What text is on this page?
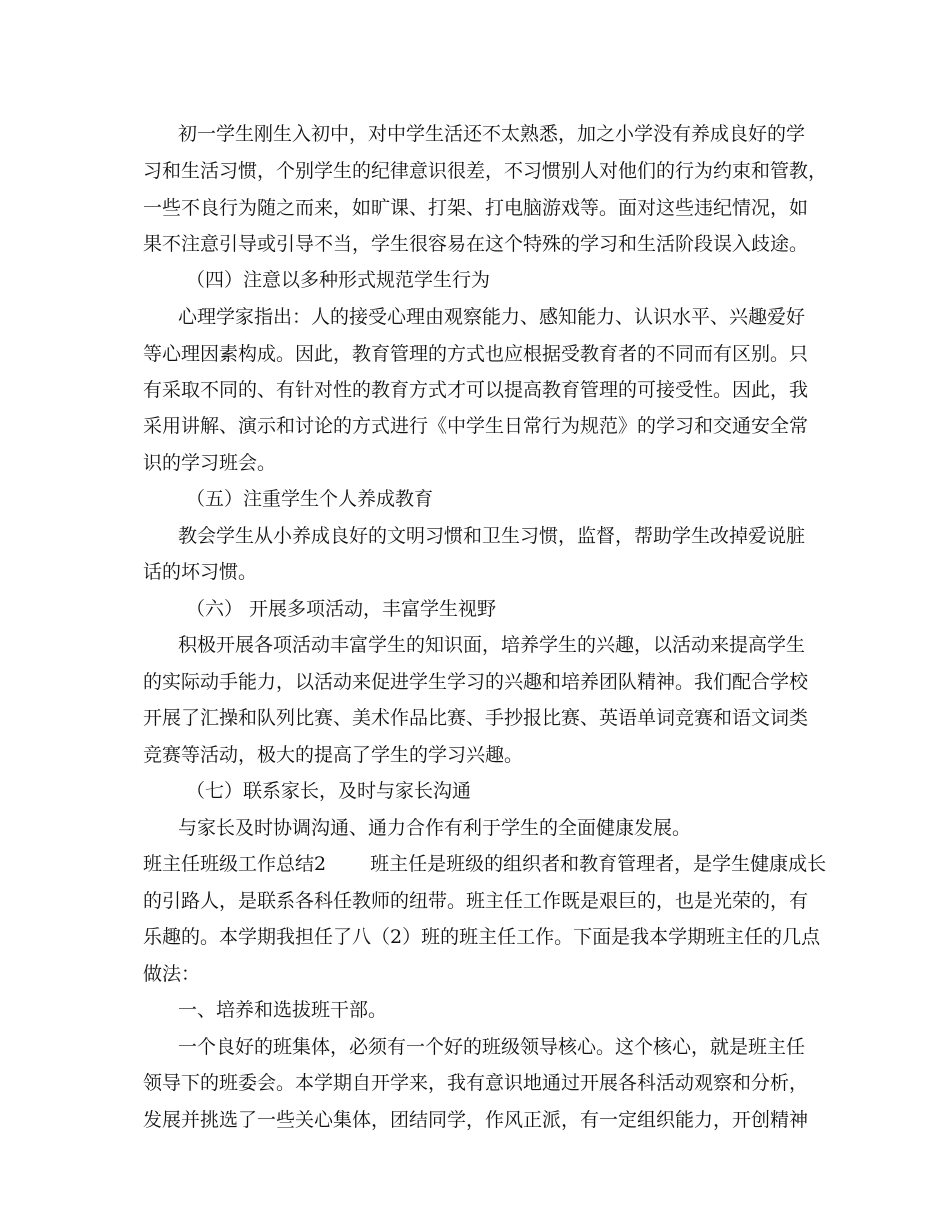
初一学生刚生入初中，对中学生活还不太熟悉，加之小学没有养成良好的学
习和生活习惯，个别学生的纪律意识很差，不习惯别人对他们的行为约束和管教，
一些不良行为随之而来，如旷课、打架、打电脑游戏等。面对这些违纪情况，如
果不注意引导或引导不当，学生很容易在这个特殊的学习和生活阶段误入歧途。
（四）注意以多种形式规范学生行为
心理学家指出：人的接受心理由观察能力、感知能力、认识水平、兴趣爱好
等心理因素构成。因此，教育管理的方式也应根据受教育者的不同而有区别。只
有采取不同的、有针对性的教育方式才可以提高教育管理的可接受性。因此，我
采用讲解、演示和讨论的方式进行《中学生日常行为规范》的学习和交通安全常
识的学习班会。
（五）注重学生个人养成教育
教会学生从小养成良好的文明习惯和卫生习惯，监督，帮助学生改掉爱说脏
话的坏习惯。
（六） 开展多项活动，丰富学生视野
积极开展各项活动丰富学生的知识面，培养学生的兴趣，以活动来提高学生
的实际动手能力，以活动来促进学生学习的兴趣和培养团队精神。我们配合学校
开展了汇操和队列比赛、美术作品比赛、手抄报比赛、英语单词竞赛和语文词类
竞赛等活动，极大的提高了学生的学习兴趣。
（七）联系家长，及时与家长沟通
与家长及时协调沟通、通力合作有利于学生的全面健康发展。
班主任班级工作总结2 班主任是班级的组织者和教育管理者，是学生健康成长
的引路人，是联系各科任教师的纽带。班主任工作既是艰巨的，也是光荣的，有
乐趣的。本学期我担任了八（2）班的班主任工作。下面是我本学期班主任的几点
做法：
一、培养和选拔班干部。
一个良好的班集体，必须有一个好的班级领导核心。这个核心，就是班主任
领导下的班委会。本学期自开学来，我有意识地通过开展各科活动观察和分析，
发展并挑选了一些关心集体，团结同学，作风正派，有一定组织能力，开创精神
